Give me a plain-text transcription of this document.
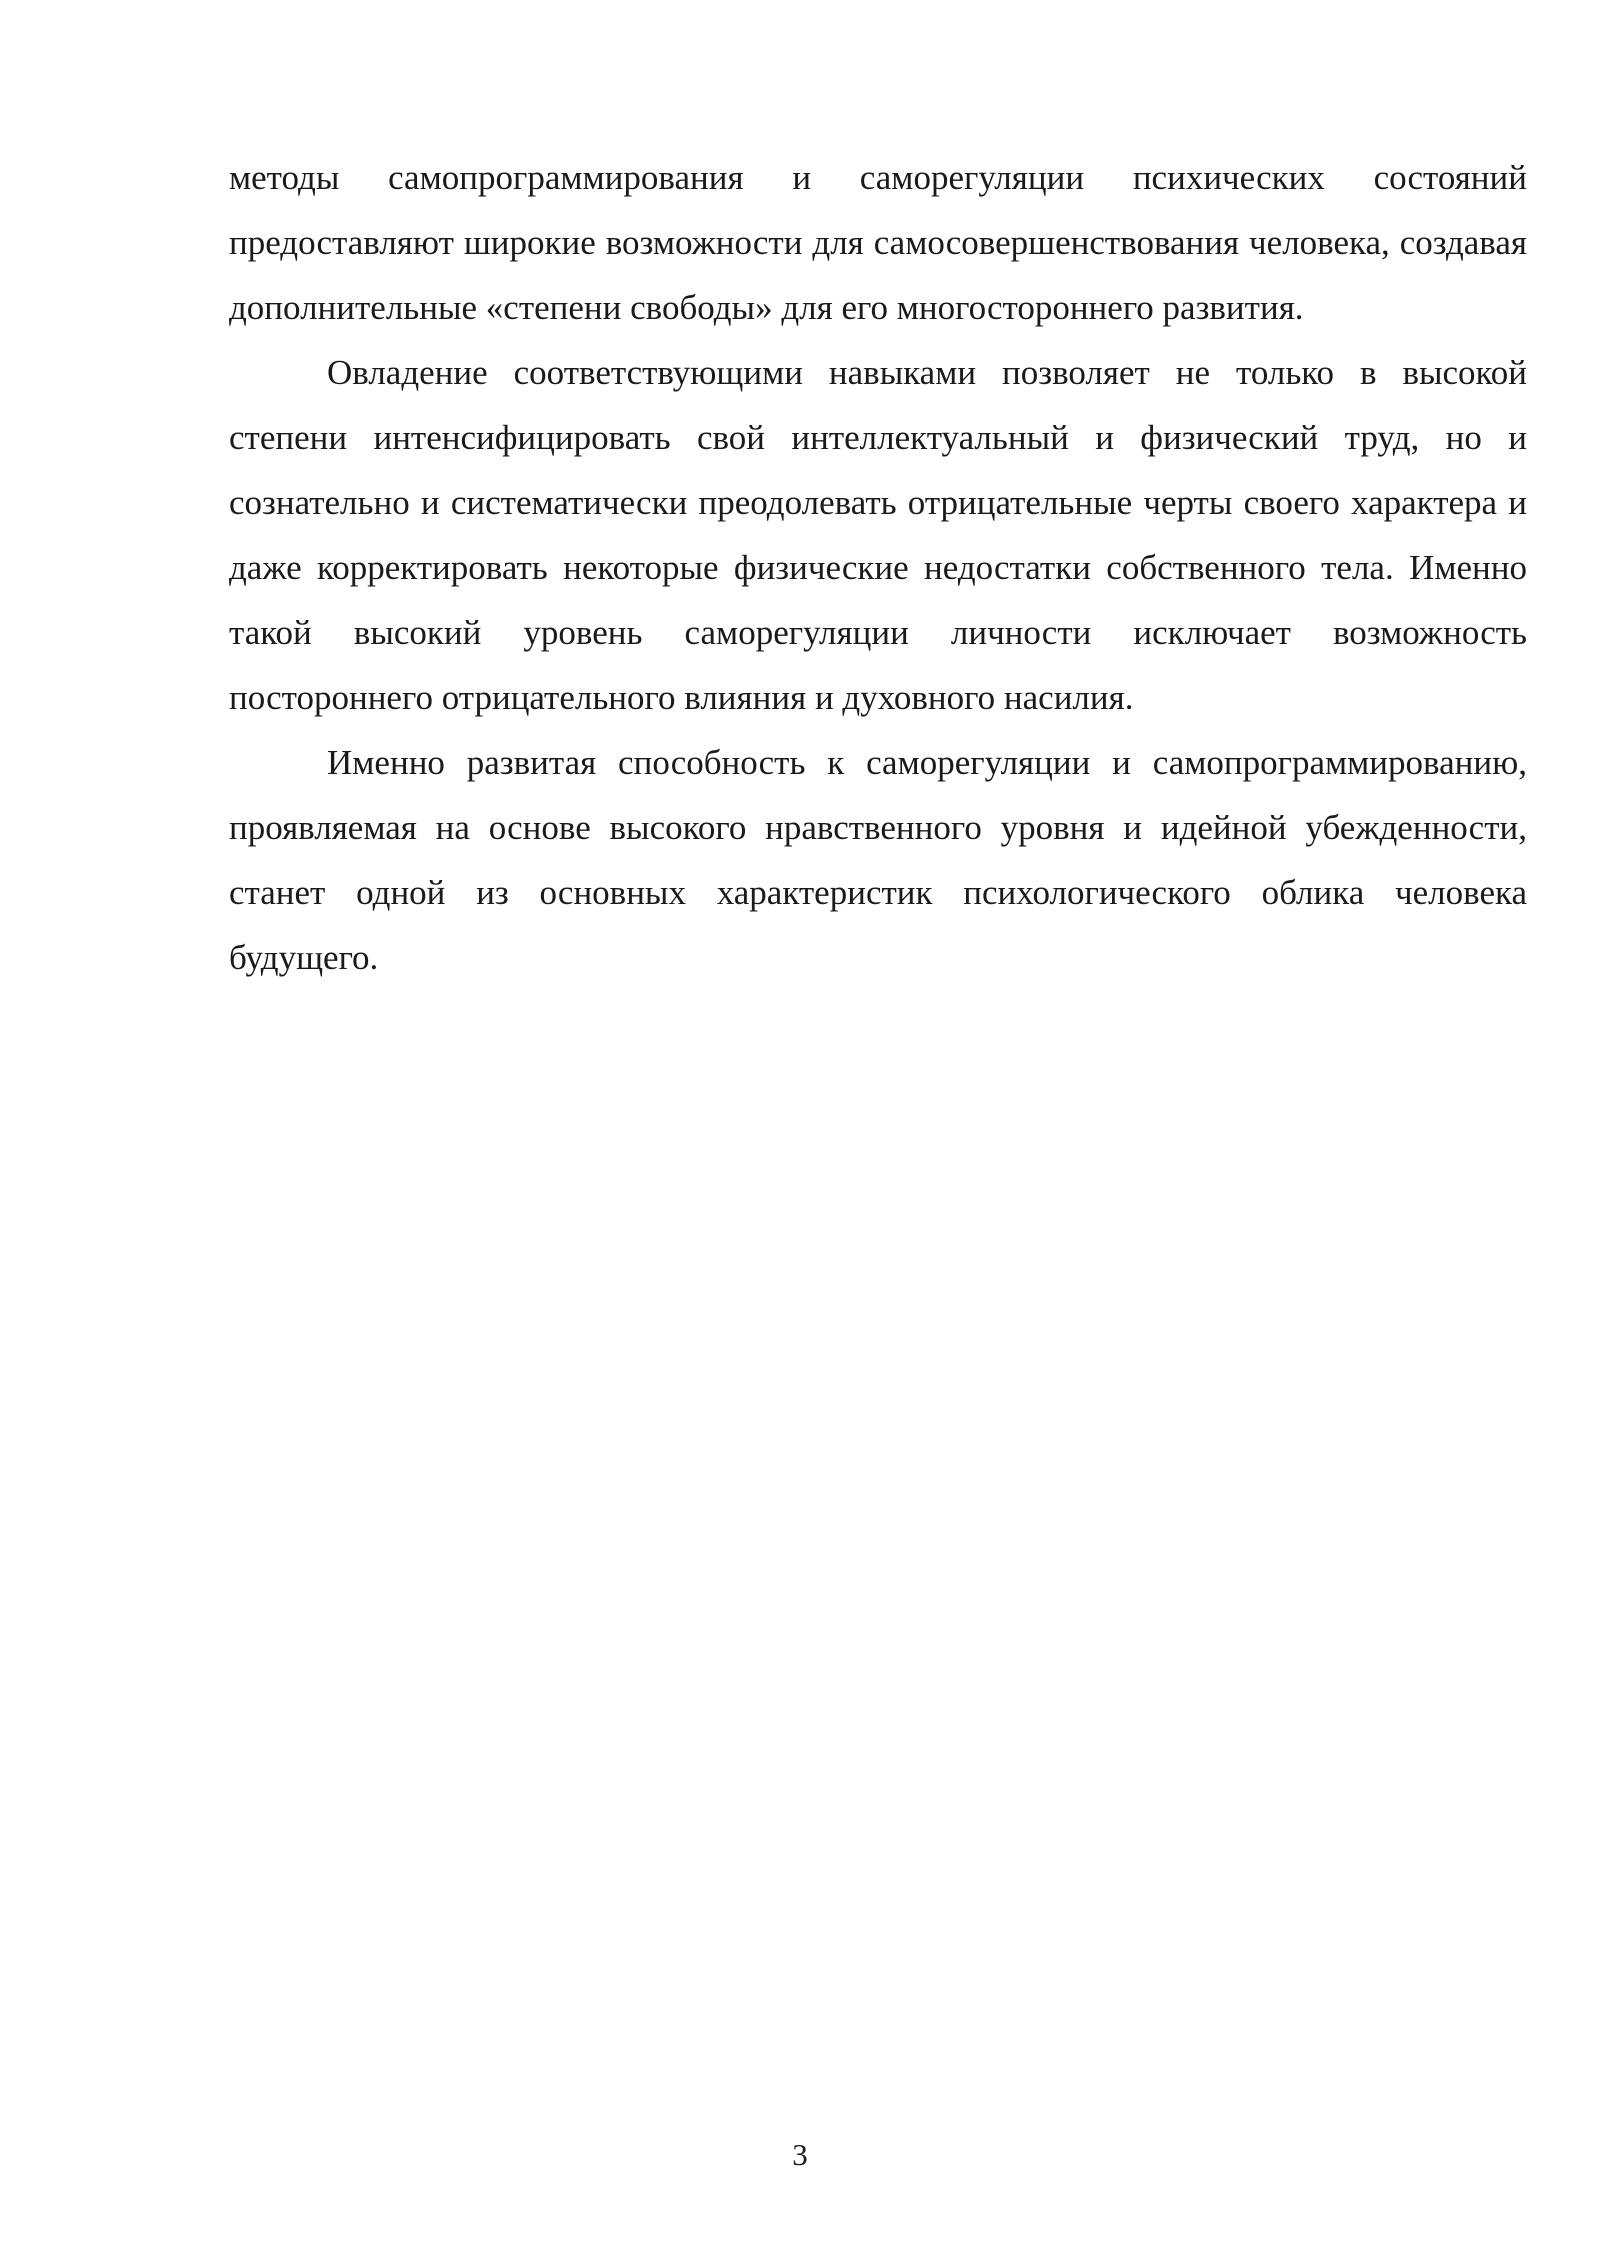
методы самопрограммирования и саморегуляции психических состояний предоставляют широкие возможности для самосовершенствования человека, создавая дополнительные «степени свободы» для его многостороннего развития.

Овладение соответствующими навыками позволяет не только в высокой степени интенсифицировать свой интеллектуальный и физический труд, но и сознательно и систематически преодолевать отрицательные черты своего характера и даже корректировать некоторые физические недостатки собственного тела. Именно такой высокий уровень саморегуляции личности исключает возможность постороннего отрицательного влияния и духовного насилия.

Именно развитая способность к саморегуляции и самопрограммированию, проявляемая на основе высокого нравственного уровня и идейной убежденности, станет одной из основных характеристик психологического облика человека будущего.

3
